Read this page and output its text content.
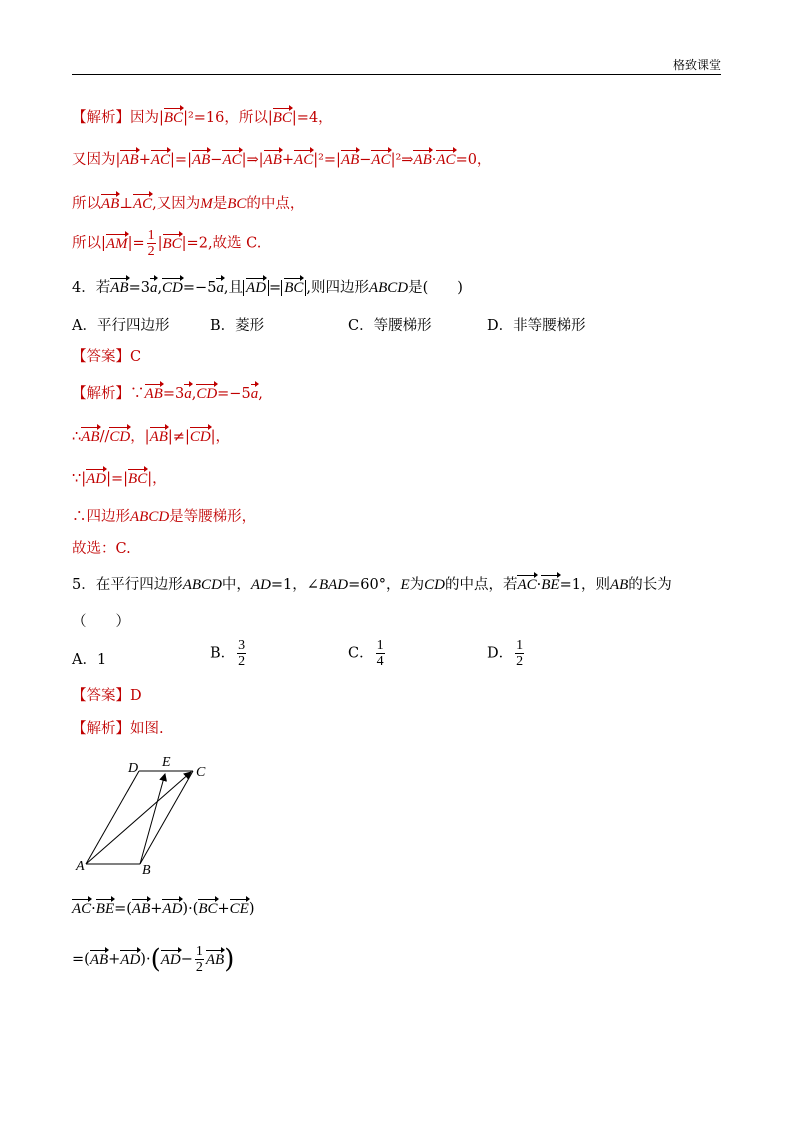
格致课堂
【解析】因为|BC|²=16，所以|BC|=4，
又因为|AB+AC|=|AB−AC|⇒|AB+AC|²=|AB−AC|²⇒AB·AC=0，
所以AB⊥AC,又因为M是BC的中点，
所以$|AM|= \frac{1}{2} |BC|=2$,故选 C.
4．若AB=3a,CD=−5a,且 AD = BC ,则四边形ABCD是(　　)
A．平行四边形	B．菱形	C．等腰梯形	D．非等腰梯形
【答案】C
【解析】∵AB=3a,CD=−5a,
∴AB//CD，|AB|≠|CD|，
∵|AD|=|BC|，
∴四边形ABCD是等腰梯形，
故选：C.
5．在平行四边形ABCD中，AD=1，∠BAD=60°，E为CD的中点，若AC·BE=1，则AB的长为
（　　）
A．1	B． $\frac{3}{2}$	C． $\frac{1}{4}$	D． $\frac{1}{2}$
【答案】D
【解析】如图.
A	B
C
D E
AC·BE=(AB+AD)·(BC+CE)
$=(AB+AD)\cdot(AD- \frac{1}{2} AB)$
